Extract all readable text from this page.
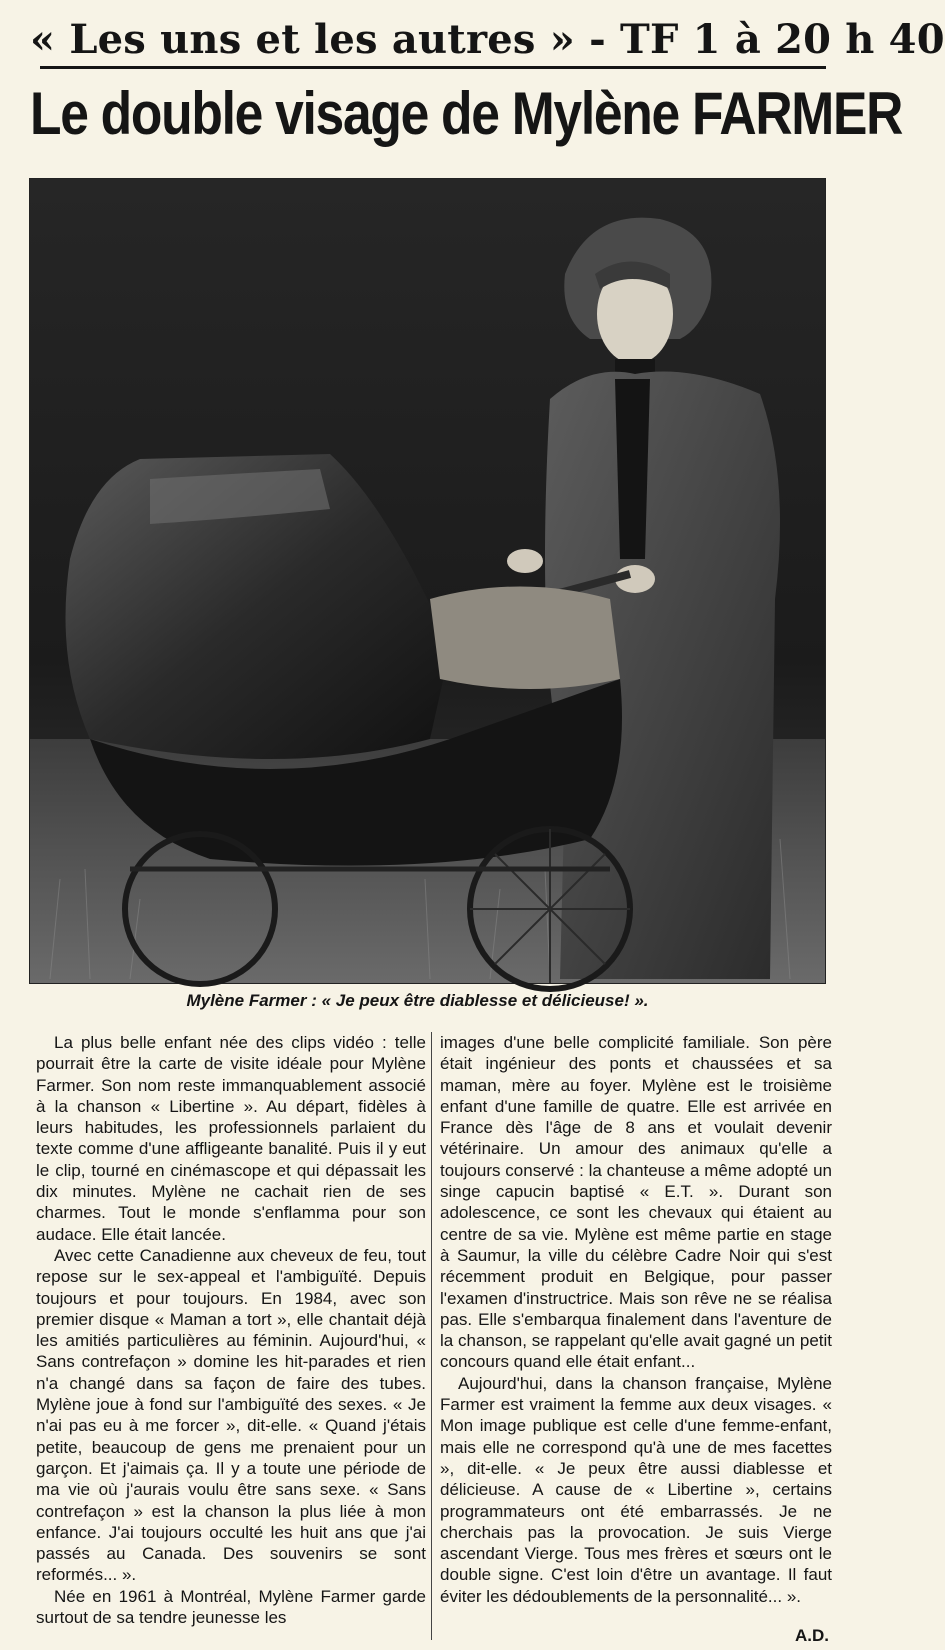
« Les uns et les autres » - TF 1 à 20 h 40
Le double visage de Mylène FARMER
Mylène Farmer : « Je peux être diablesse et délicieuse! ».

La plus belle enfant née des clips vidéo : telle pourrait être la carte de visite idéale pour Mylène Farmer. Son nom reste immanquablement associé à la chanson « Libertine ». Au départ, fidèles à leurs habitudes, les professionnels parlaient du texte comme d'une affligeante banalité. Puis il y eut le clip, tourné en cinémascope et qui dépassait les dix minutes. Mylène ne cachait rien de ses charmes. Tout le monde s'enflamma pour son audace. Elle était lancée.

Avec cette Canadienne aux cheveux de feu, tout repose sur le sex-appeal et l'ambiguïté. Depuis toujours et pour toujours. En 1984, avec son premier disque « Maman a tort », elle chantait déjà les amitiés particulières au féminin. Aujourd'hui, « Sans contrefaçon » domine les hit-parades et rien n'a changé dans sa façon de faire des tubes. Mylène joue à fond sur l'ambiguïté des sexes. « Je n'ai pas eu à me forcer », dit-elle. « Quand j'étais petite, beaucoup de gens me prenaient pour un garçon. Et j'aimais ça. Il y a toute une période de ma vie où j'aurais voulu être sans sexe. « Sans contrefaçon » est la chanson la plus liée à mon enfance. J'ai toujours occulté les huit ans que j'ai passés au Canada. Des souvenirs se sont reformés... ».

Née en 1961 à Montréal, Mylène Farmer garde surtout de sa tendre jeunesse les

images d'une belle complicité familiale. Son père était ingénieur des ponts et chaussées et sa maman, mère au foyer. Mylène est le troisième enfant d'une famille de quatre. Elle est arrivée en France dès l'âge de 8 ans et voulait devenir vétérinaire. Un amour des animaux qu'elle a toujours conservé : la chanteuse a même adopté un singe capucin baptisé « E.T. ». Durant son adolescence, ce sont les chevaux qui étaient au centre de sa vie. Mylène est même partie en stage à Saumur, la ville du célèbre Cadre Noir qui s'est récemment produit en Belgique, pour passer l'examen d'instructrice. Mais son rêve ne se réalisa pas. Elle s'embarqua finalement dans l'aventure de la chanson, se rappelant qu'elle avait gagné un petit concours quand elle était enfant...

Aujourd'hui, dans la chanson française, Mylène Farmer est vraiment la femme aux deux visages. « Mon image publique est celle d'une femme-enfant, mais elle ne correspond qu'à une de mes facettes », dit-elle. « Je peux être aussi diablesse et délicieuse. A cause de « Libertine », certains programmateurs ont été embarrassés. Je ne cherchais pas la provocation. Je suis Vierge ascendant Vierge. Tous mes frères et sœurs ont le double signe. C'est loin d'être un avantage. Il faut éviter les dédoublements de la personnalité... ».

A.D.
